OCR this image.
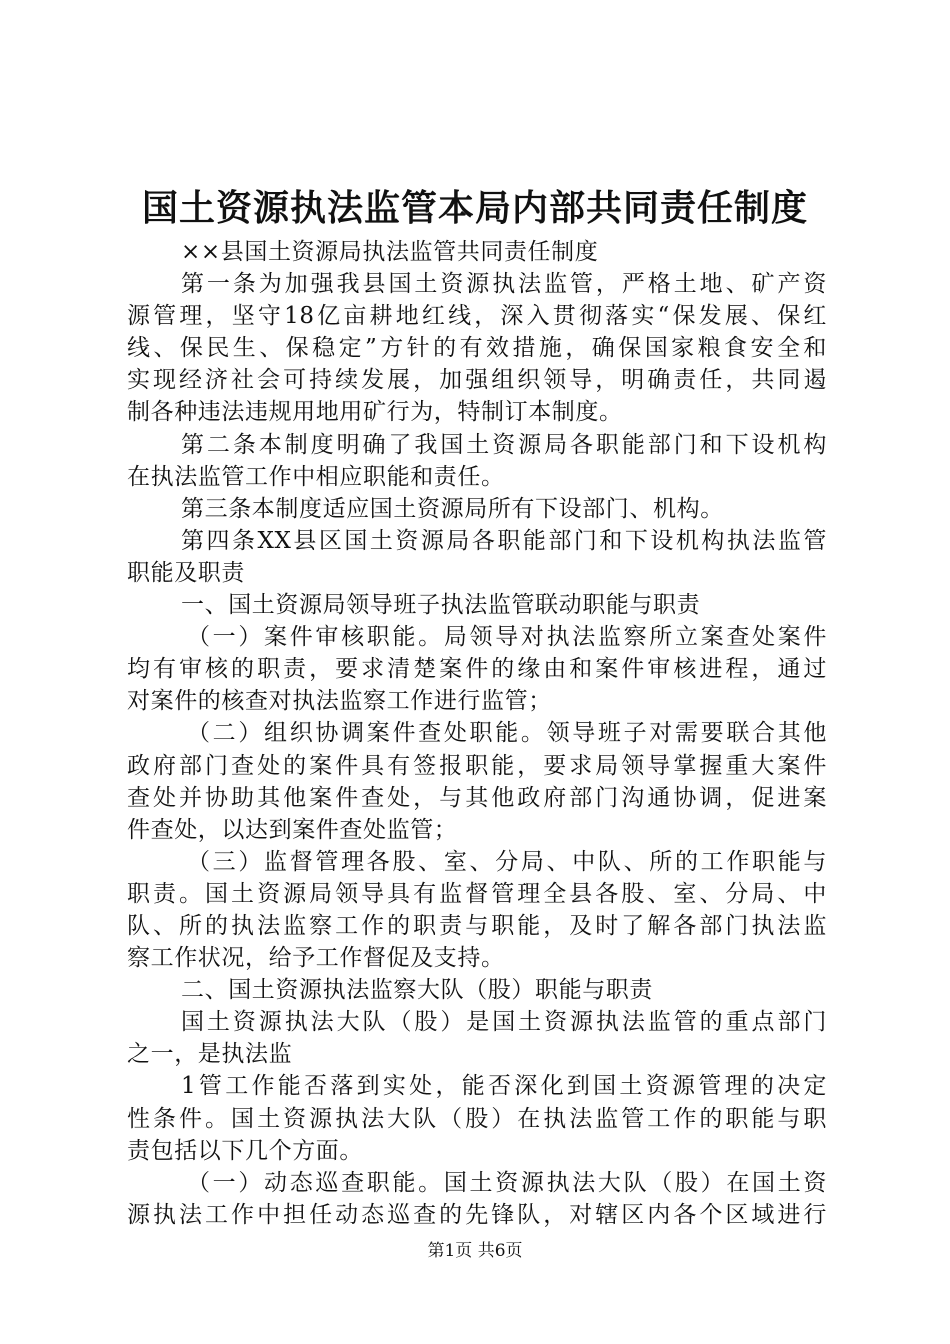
国土资源执法监管本局内部共同责任制度
××县国土资源局执法监管共同责任制度
第一条为加强我县国土资源执法监管，严格土地、矿产资
源管理，坚守18亿亩耕地红线，深入贯彻落实“保发展、保红
线、保民生、保稳定”方针的有效措施，确保国家粮食安全和
实现经济社会可持续发展，加强组织领导，明确责任，共同遏
制各种违法违规用地用矿行为，特制订本制度。
第二条本制度明确了我国土资源局各职能部门和下设机构
在执法监管工作中相应职能和责任。
第三条本制度适应国土资源局所有下设部门、机构。
第四条XX县区国土资源局各职能部门和下设机构执法监管
职能及职责
一、国土资源局领导班子执法监管联动职能与职责
（一）案件审核职能。局领导对执法监察所立案查处案件
均有审核的职责，要求清楚案件的缘由和案件审核进程，通过
对案件的核查对执法监察工作进行监管；
（二）组织协调案件查处职能。领导班子对需要联合其他
政府部门查处的案件具有签报职能，要求局领导掌握重大案件
查处并协助其他案件查处，与其他政府部门沟通协调，促进案
件查处，以达到案件查处监管；
（三）监督管理各股、室、分局、中队、所的工作职能与
职责。国土资源局领导具有监督管理全县各股、室、分局、中
队、所的执法监察工作的职责与职能，及时了解各部门执法监
察工作状况，给予工作督促及支持。
二、国土资源执法监察大队（股）职能与职责
国土资源执法大队（股）是国土资源执法监管的重点部门
之一，是执法监
1管工作能否落到实处，能否深化到国土资源管理的决定
性条件。国土资源执法大队（股）在执法监管工作的职能与职
责包括以下几个方面。
（一）动态巡查职能。国土资源执法大队（股）在国土资
源执法工作中担任动态巡查的先锋队，对辖区内各个区域进行
第1页 共6页
